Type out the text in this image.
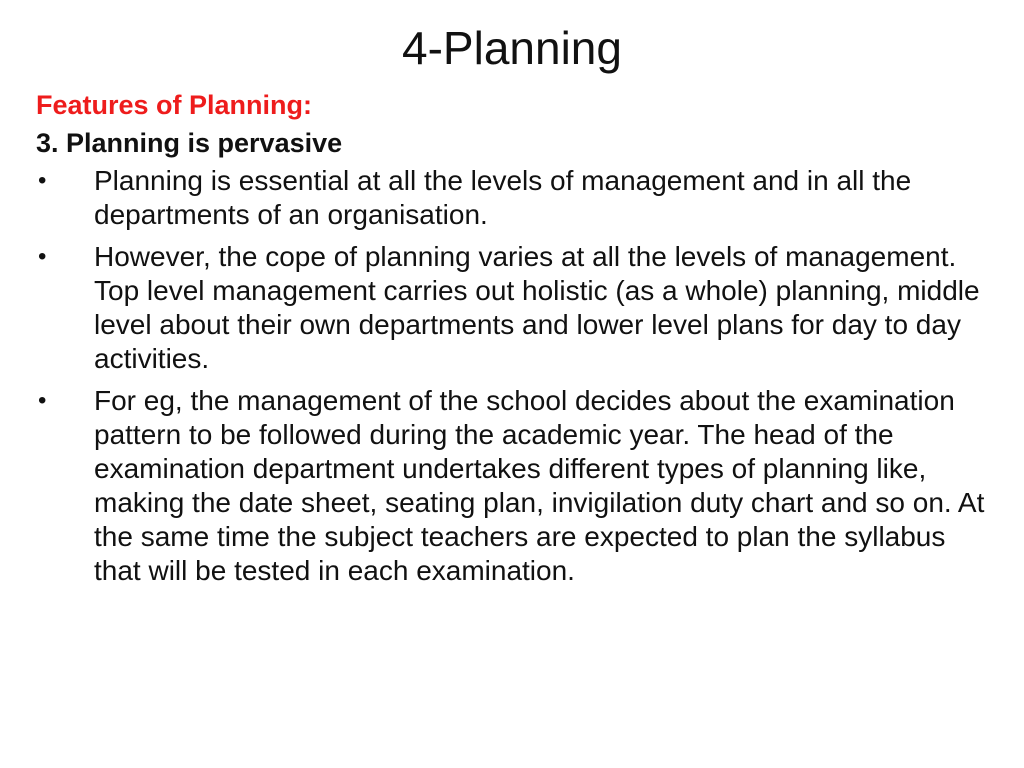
4-Planning

Features of Planning:

3. Planning is pervasive

• Planning is essential at all the levels of management and in all the departments of an organisation.
• However, the cope of planning varies at all the levels of management. Top level management carries out holistic (as a whole) planning, middle level about their own departments and lower level plans for day to day activities.
• For eg, the management of the school decides about the examination pattern to be followed during the academic year. The head of the examination department undertakes different types of planning like, making the date sheet, seating plan, invigilation duty chart and so on. At the same time the subject teachers are expected to plan the syllabus that will be tested in each examination.
